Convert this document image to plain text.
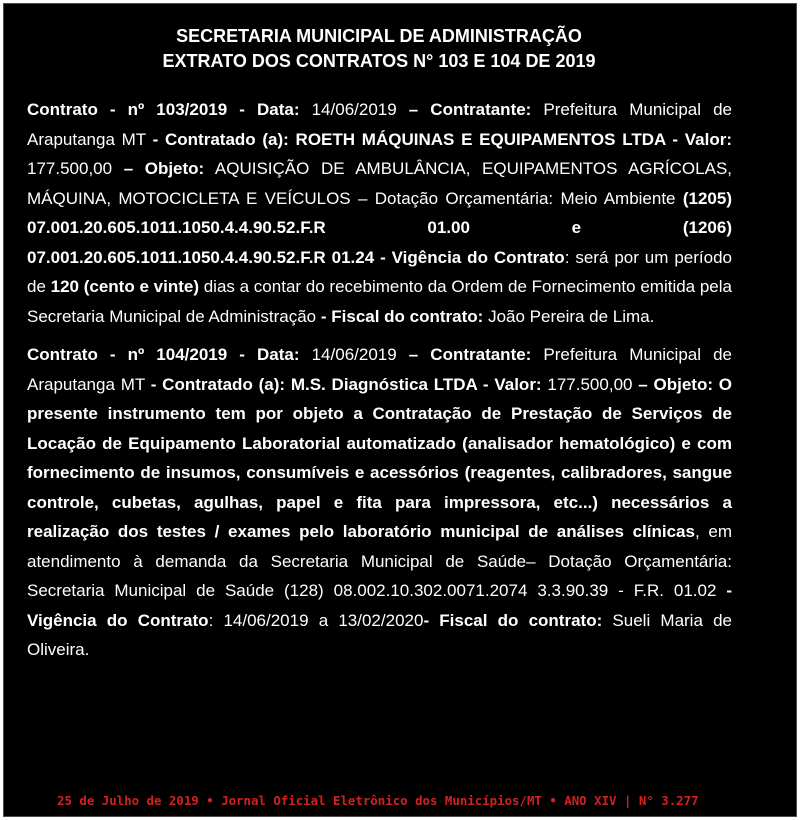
SECRETARIA MUNICIPAL DE ADMINISTRAÇÃO
EXTRATO DOS CONTRATOS N° 103 E 104 DE 2019

Contrato - nº 103/2019 - Data: 14/06/2019 – Contratante: Prefeitura Municipal de Araputanga MT - Contratado (a): ROETH MÁQUINAS E EQUIPAMENTOS LTDA - Valor: 177.500,00 – Objeto: AQUISIÇÃO DE AMBULÂNCIA, EQUIPAMENTOS AGRÍCOLAS, MÁQUINA, MOTOCICLETA E VEÍCULOS – Dotação Orçamentária: Meio Ambiente (1205) 07.001.20.605.1011.1050.4.4.90.52.F.R 01.00 e (1206) 07.001.20.605.1011.1050.4.4.90.52.F.R 01.24 - Vigência do Contrato: será por um período de 120 (cento e vinte) dias a contar do recebimento da Ordem de Fornecimento emitida pela Secretaria Municipal de Administração - Fiscal do contrato: João Pereira de Lima.

Contrato - nº 104/2019 - Data: 14/06/2019 – Contratante: Prefeitura Municipal de Araputanga MT - Contratado (a): M.S. Diagnóstica LTDA - Valor: 177.500,00 – Objeto: O presente instrumento tem por objeto a Contratação de Prestação de Serviços de Locação de Equipamento Laboratorial automatizado (analisador hematológico) e com fornecimento de insumos, consumíveis e acessórios (reagentes, calibradores, sangue controle, cubetas, agulhas, papel e fita para impressora, etc...) necessários a realização dos testes / exames pelo laboratório municipal de análises clínicas, em atendimento à demanda da Secretaria Municipal de Saúde– Dotação Orçamentária: Secretaria Municipal de Saúde (128) 08.002.10.302.0071.2074 3.3.90.39 - F.R. 01.02 - Vigência do Contrato: 14/06/2019 a 13/02/2020- Fiscal do contrato: Sueli Maria de Oliveira.

25 de Julho de 2019 • Jornal Oficial Eletrônico dos Municípios/MT • ANO XIV | N° 3.277
